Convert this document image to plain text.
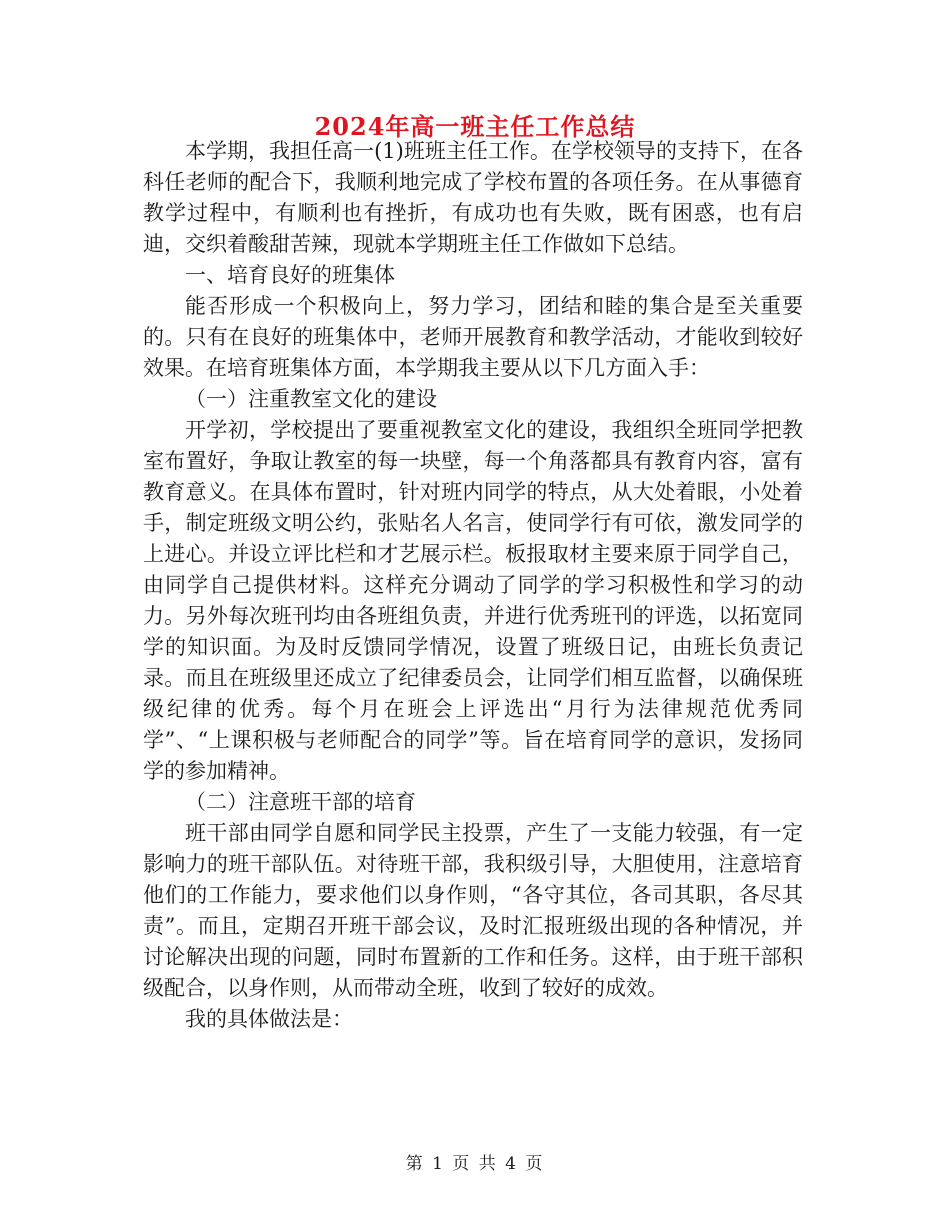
2024年高一班主任工作总结

本学期，我担任高一(1)班班主任工作。在学校领导的支持下，在各科任老师的配合下，我顺利地完成了学校布置的各项任务。在从事德育教学过程中，有顺利也有挫折，有成功也有失败，既有困惑，也有启迪，交织着酸甜苦辣，现就本学期班主任工作做如下总结。

一、培育良好的班集体

能否形成一个积极向上，努力学习，团结和睦的集合是至关重要的。只有在良好的班集体中，老师开展教育和教学活动，才能收到较好效果。在培育班集体方面，本学期我主要从以下几方面入手：

（一）注重教室文化的建设

开学初，学校提出了要重视教室文化的建设，我组织全班同学把教室布置好，争取让教室的每一块壁，每一个角落都具有教育内容，富有教育意义。在具体布置时，针对班内同学的特点，从大处着眼，小处着手，制定班级文明公约，张贴名人名言，使同学行有可依，激发同学的上进心。并设立评比栏和才艺展示栏。板报取材主要来原于同学自己，由同学自己提供材料。这样充分调动了同学的学习积极性和学习的动力。另外每次班刊均由各班组负责，并进行优秀班刊的评选，以拓宽同学的知识面。为及时反馈同学情况，设置了班级日记，由班长负责记录。而且在班级里还成立了纪律委员会，让同学们相互监督，以确保班级纪律的优秀。每个月在班会上评选出“月行为法律规范优秀同学”、“上课积极与老师配合的同学”等。旨在培育同学的意识，发扬同学的参加精神。

（二）注意班干部的培育

班干部由同学自愿和同学民主投票，产生了一支能力较强，有一定影响力的班干部队伍。对待班干部，我积级引导，大胆使用，注意培育他们的工作能力，要求他们以身作则，“各守其位，各司其职，各尽其责”。而且，定期召开班干部会议，及时汇报班级出现的各种情况，并讨论解决出现的问题，同时布置新的工作和任务。这样，由于班干部积级配合，以身作则，从而带动全班，收到了较好的成效。

我的具体做法是：

第 1 页 共 4 页
